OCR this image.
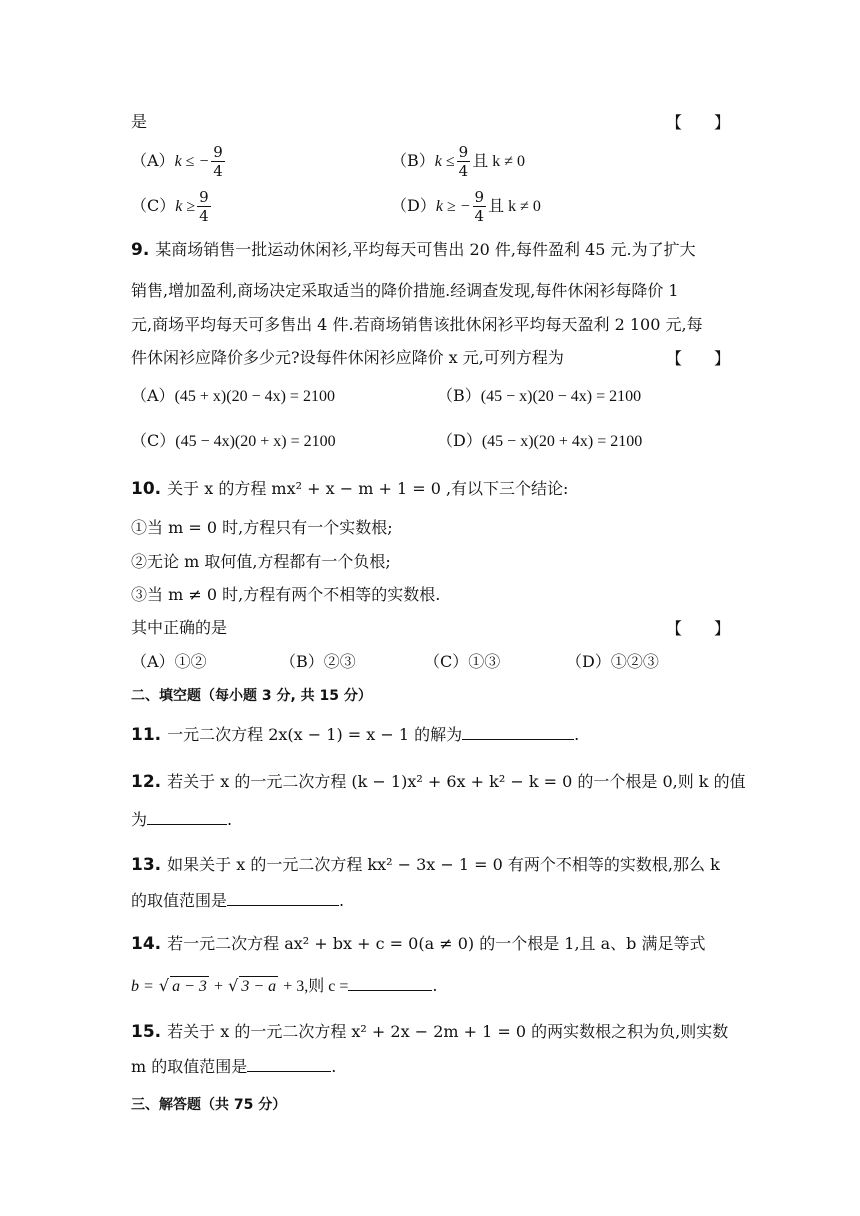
是	【　　】
（A）k ≤ − $\frac{9}{4}$	$(B)k \le \frac{9}{4}$ 且 k ≠ 0
$(C)k \ge \frac{9}{4}$	（D）k ≥ − $\frac{9}{4}$ 且 k ≠ 0
9. 某商场销售一批运动休闲衫,平均每天可售出 20 件,每件盈利 45 元.为了扩大
销售,增加盈利,商场决定采取适当的降价措施.经调查发现,每件休闲衫每降价 1
元,商场平均每天可多售出 4 件.若商场销售该批休闲衫平均每天盈利 2 100 元,每
件休闲衫应降价多少元?设每件休闲衫应降价 x 元,可列方程为	【　　】
（A）(45 + x)(20 − 4x) = 2100	（B）(45 − x)(20 − 4x) = 2100
（C）(45 − 4x)(20 + x) = 2100	（D）(45 − x)(20 + 4x) = 2100
10. 关于 x 的方程 mx² + x − m + 1 = 0 ,有以下三个结论:
①当 m = 0 时,方程只有一个实数根;
②无论 m 取何值,方程都有一个负根;
③当 m ≠ 0 时,方程有两个不相等的实数根.
其中正确的是	【　　】
（A）①②	（B）②③	（C）①③	（D）①②③
二、填空题（每小题 3 分, 共 15 分）
11. 一元二次方程 2x(x − 1) = x − 1 的解为	.
12. 若关于 x 的一元二次方程 (k − 1)x² + 6x + k² − k = 0 的一个根是 0,则 k 的值
为	.
13. 如果关于 x 的一元二次方程 kx² − 3x − 1 = 0 有两个不相等的实数根,那么 k
的取值范围是	.
14. 若一元二次方程 ax² + bx + c = 0(a ≠ 0) 的一个根是 1,且 a、b 满足等式
b = √ a − 3 + √ 3 − a + 3,则 c =	.
15. 若关于 x 的一元二次方程 x² + 2x − 2m + 1 = 0 的两实数根之积为负,则实数
m 的取值范围是	.
三、解答题（共 75 分）
